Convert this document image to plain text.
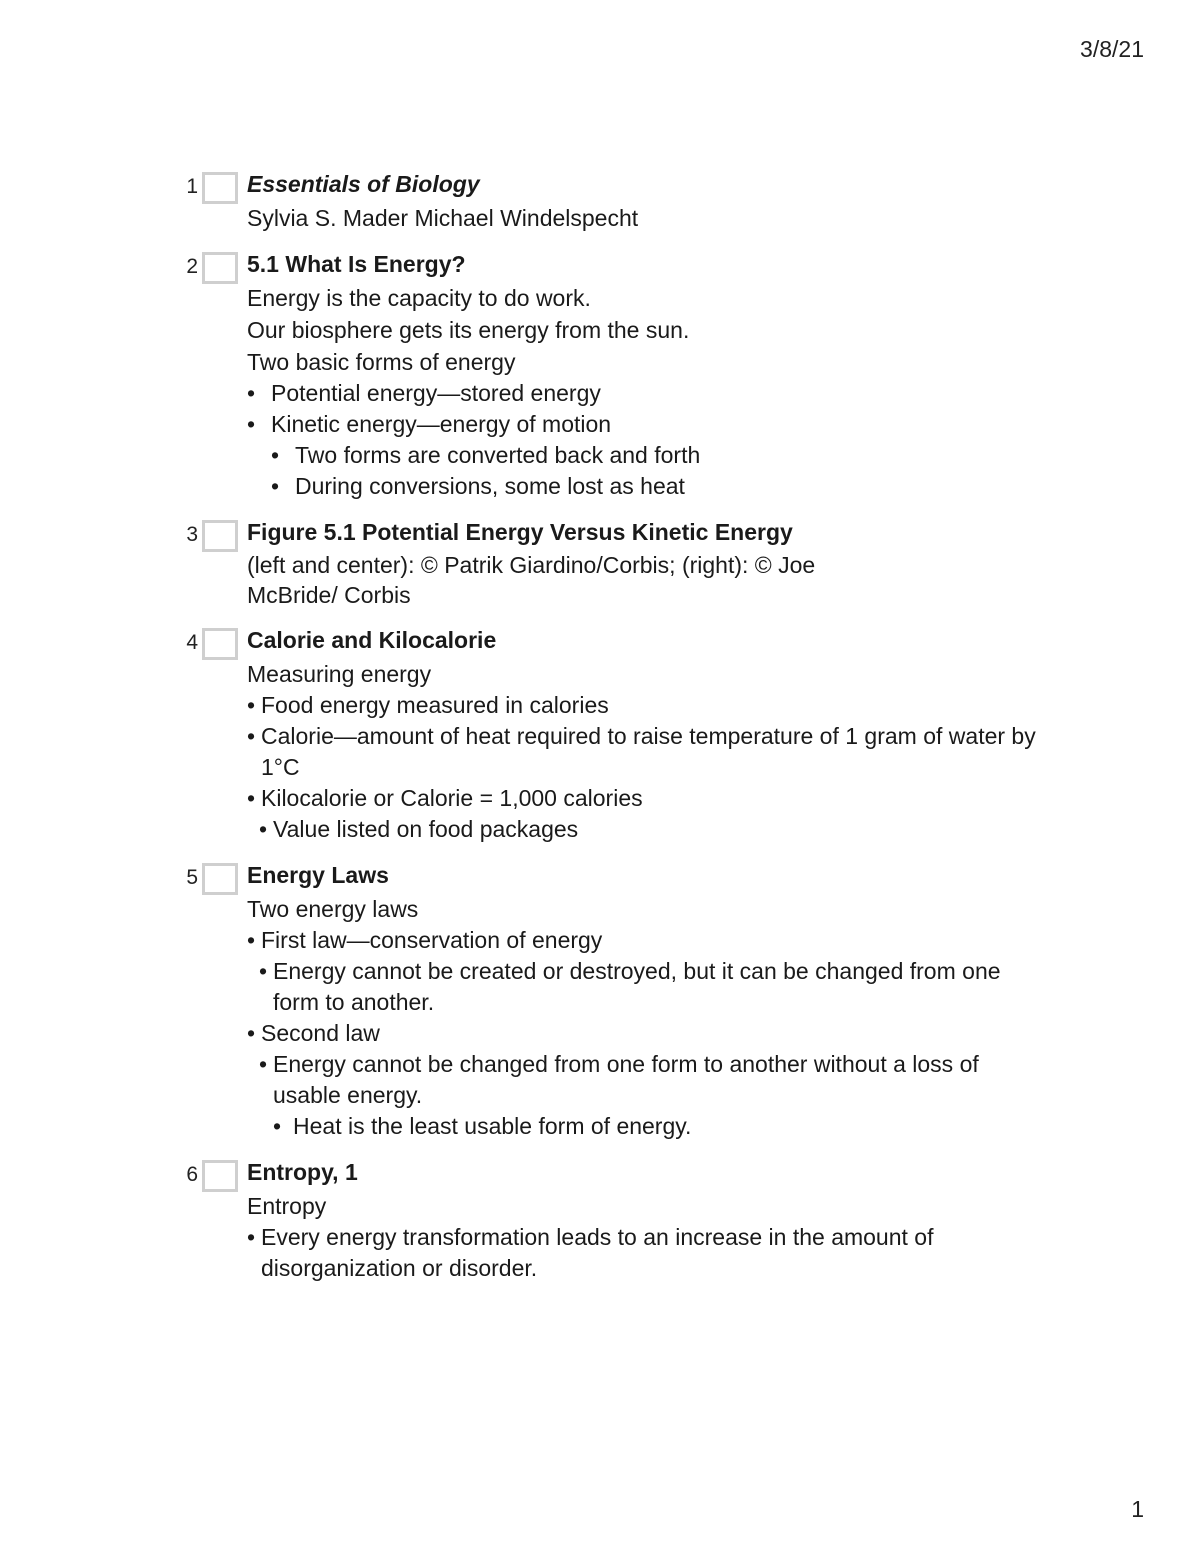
3/8/21
1 Essentials of Biology
Sylvia S. Mader Michael Windelspecht
2 5.1 What Is Energy?
Energy is the capacity to do work.
Our biosphere gets its energy from the sun.
Two basic forms of energy
• Potential energy—stored energy
• Kinetic energy—energy of motion
• Two forms are converted back and forth
• During conversions, some lost as heat
3 Figure 5.1 Potential Energy Versus Kinetic Energy
(left and center): © Patrik Giardino/Corbis; (right): © Joe McBride/ Corbis
4 Calorie and Kilocalorie
Measuring energy
• Food energy measured in calories
• Calorie—amount of heat required to raise temperature of 1 gram of water by 1°C
• Kilocalorie or Calorie = 1,000 calories
• Value listed on food packages
5 Energy Laws
Two energy laws
• First law—conservation of energy
• Energy cannot be created or destroyed, but it can be changed from one form to another.
• Second law
• Energy cannot be changed from one form to another without a loss of usable energy.
• Heat is the least usable form of energy.
6 Entropy, 1
Entropy
• Every energy transformation leads to an increase in the amount of disorganization or disorder.
1
